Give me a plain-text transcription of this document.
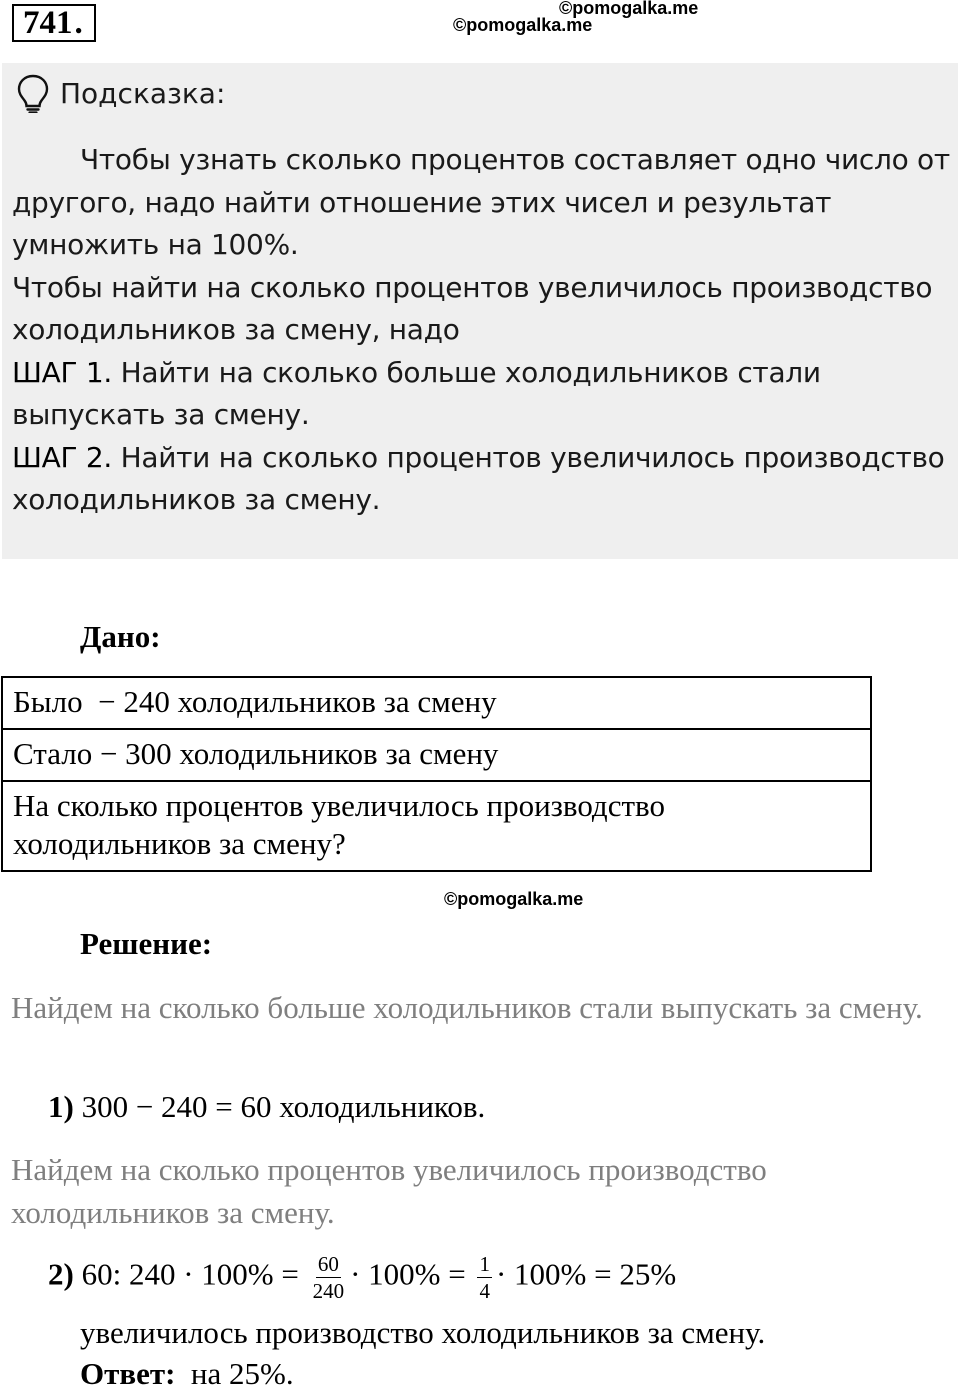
741.	©pomogalka.me
©pomogalka.me
Подсказка:

Чтобы узнать сколько процентов составляет одно число от другого, надо найти отношение этих чисел и результат умножить на 100%.

Чтобы найти на сколько процентов увеличилось производство холодильников за смену, надо

ШАГ 1. Найти на сколько больше холодильников стали выпускать за смену.

ШАГ 2. Найти на сколько процентов увеличилось производство холодильников за смену.

Дано:
Было  − 240 холодильников за смену
Стало − 300 холодильников за смену
На сколько процентов увеличилось производство холодильников за смену?
©pomogalka.me
Решение:
Найдем на сколько больше холодильников стали выпускать за смену.
1) 300 − 240 = 60 холодильников.
Найдем на сколько процентов увеличилось производство холодильников за смену.
2) 60: $240 \cdot 100\% = \frac{60}{240} \cdot 100\% = \frac{1}{4} \cdot 100\% = 25\%$
увеличилось производство холодильников за смену.
Ответ:  на 25%.
